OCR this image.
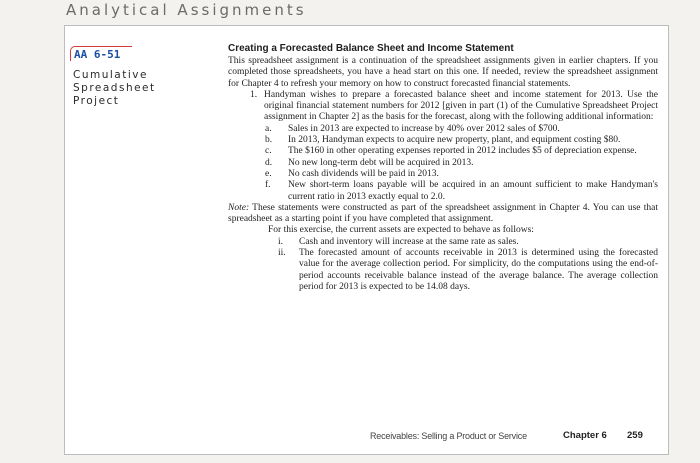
Analytical Assignments
AA 6-51
Cumulative
Spreadsheet
Project
Creating a Forecasted Balance Sheet and Income Statement

This spreadsheet assignment is a continuation of the spreadsheet assignments given in earlier chapters. If you completed those spreadsheets, you have a head start on this one. If needed, review the spreadsheet assignment for Chapter 4 to refresh your memory on how to construct forecasted financial statements.

1. Handyman wishes to prepare a forecasted balance sheet and income statement for 2013. Use the original financial statement numbers for 2012 [given in part (1) of the Cumulative Spreadsheet Project assignment in Chapter 2] as the basis for the forecast, along with the following additional information:
a.	Sales in 2013 are expected to increase by 40% over 2012 sales of $700.
b.	In 2013, Handyman expects to acquire new property, plant, and equipment costing $80.
c.	The $160 in other operating expenses reported in 2012 includes $5 of depreciation expense.
d.	No new long-term debt will be acquired in 2013.
e.	No cash dividends will be paid in 2013.
f.	New short-term loans payable will be acquired in an amount sufficient to make Handyman's current ratio in 2013 exactly equal to 2.0.

Note: These statements were constructed as part of the spreadsheet assignment in Chapter 4. You can use that spreadsheet as a starting point if you have completed that assignment.

For this exercise, the current assets are expected to behave as follows:

i.	Cash and inventory will increase at the same rate as sales.
ii.	The forecasted amount of accounts receivable in 2013 is determined using the forecasted value for the average collection period. For simplicity, do the computations using the end-of-period accounts receivable balance instead of the average balance. The average collection period for 2013 is expected to be 14.08 days.
Receivables: Selling a Product or Service	Chapter 6 259
